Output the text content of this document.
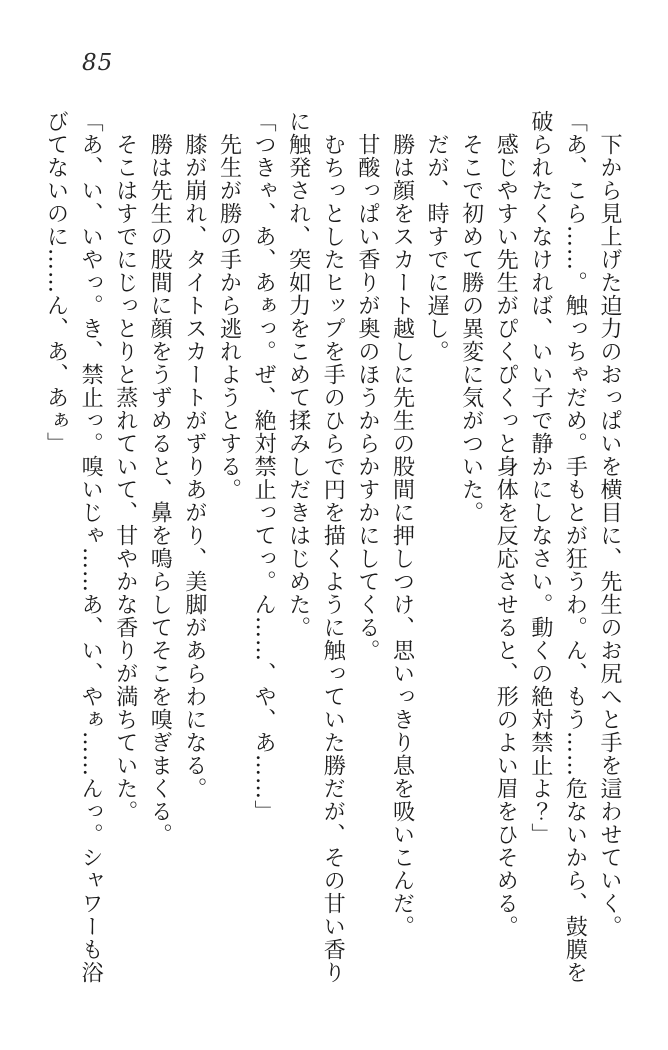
85

下から見上げた迫力のおっぱいを横目に、先生のお尻へと手を這わせていく。

「あ、こら……。触っちゃだめ。手もとが狂うわ。ん、もう……危ないから、鼓膜を破られたくなければ、いい子で静かにしなさい。動くの絶対禁止よ？」

感じやすい先生がぴくぴくっと身体を反応させると、形のよい眉をひそめる。

そこで初めて勝の異変に気がついた。

だが、時すでに遅し。

勝は顔をスカート越しに先生の股間に押しつけ、思いっきり息を吸いこんだ。

甘酸っぱい香りが奥のほうからかすかにしてくる。

むちっとしたヒップを手のひらで円を描くように触っていた勝だが、その甘い香りに触発され、突如力をこめて揉みしだきはじめた。

「つきゃ、あ、あぁっ。ぜ、絶対禁止ってっ。ん……、や、あ……」

先生が勝の手から逃れようとする。

膝が崩れ、タイトスカートがずりあがり、美脚があらわになる。

勝は先生の股間に顔をうずめると、鼻を鳴らしてそこを嗅ぎまくる。

そこはすでにじっとりと蒸れていて、甘やかな香りが満ちていた。

「あ、い、いやっ。き、禁止っ。嗅いじゃ……あ、い、やぁ……んっ。シャワーも浴びてないのに……ん、あ、あぁ」
